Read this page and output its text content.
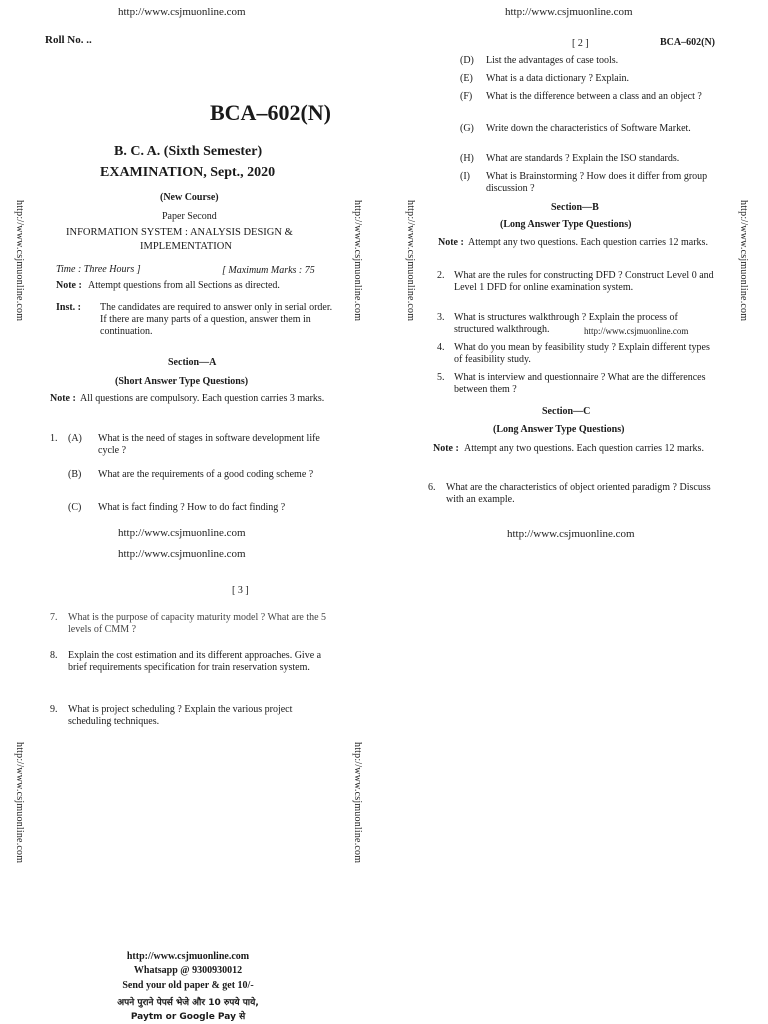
http://www.csjmuonline.com	http://www.csjmuonline.com
http://www.csjmuonline.com
http://www.csjmuonline.com
http://www.csjmuonline.com
http://www.csjmuonline.com
http://www.csjmuonline.com	http://www.csjmuonline.com
Roll No. ..
BCA–602(N)
B. C. A. (Sixth Semester)
EXAMINATION, Sept., 2020
(New Course)
Paper Second
INFORMATION SYSTEM : ANALYSIS DESIGN &
IMPLEMENTATION
Time : Three Hours ]	[ Maximum Marks : 75
Note : Attempt questions from all Sections as directed.
Inst. : The candidates are required to answer only in serial order. If there are many parts of a question, answer them in continuation.
Section—A
(Short Answer Type Questions)
Note : All questions are compulsory. Each question carries 3 marks.
1. (A) What is the need of stages in software development life cycle ?
(B) What are the requirements of a good coding scheme ?
(C) What is fact finding ? How to do fact finding ?
http://www.csjmuonline.com
http://www.csjmuonline.com
[ 2 ]	BCA–602(N)
(D) List the advantages of case tools.
(E) What is a data dictionary ? Explain.
(F) What is the difference between a class and an object ?
(G) Write down the characteristics of Software Market.
(H) What are standards ? Explain the ISO standards.
(I) What is Brainstorming ? How does it differ from group discussion ?
Section—B
(Long Answer Type Questions)
Note : Attempt any two questions. Each question carries 12 marks.
2. What are the rules for constructing DFD ? Construct Level 0 and Level 1 DFD for online examination system.
3. What is structures walkthrough ? Explain the process of structured walkthrough.	http://www.csjmuonline.com
4. What do you mean by feasibility study ? Explain different types of feasibility study.
5. What is interview and questionnaire ? What are the differences between them ?
Section—C
(Long Answer Type Questions)
Note : Attempt any two questions. Each question carries 12 marks.
6. What are the characteristics of object oriented paradigm ? Discuss with an example.
http://www.csjmuonline.com
[ 3 ]
7. What is the purpose of capacity maturity model ? What are the 5 levels of CMM ?
8. Explain the cost estimation and its different approaches. Give a brief requirements specification for train reservation system.
9. What is project scheduling ? Explain the various project scheduling techniques.
http://www.csjmuonline.com
Whatsapp @ 9300930012
Send your old paper & get 10/-
अपने पुराने पेपर्स भेजे और 10 रुपये पाये,
Paytm or Google Pay से
